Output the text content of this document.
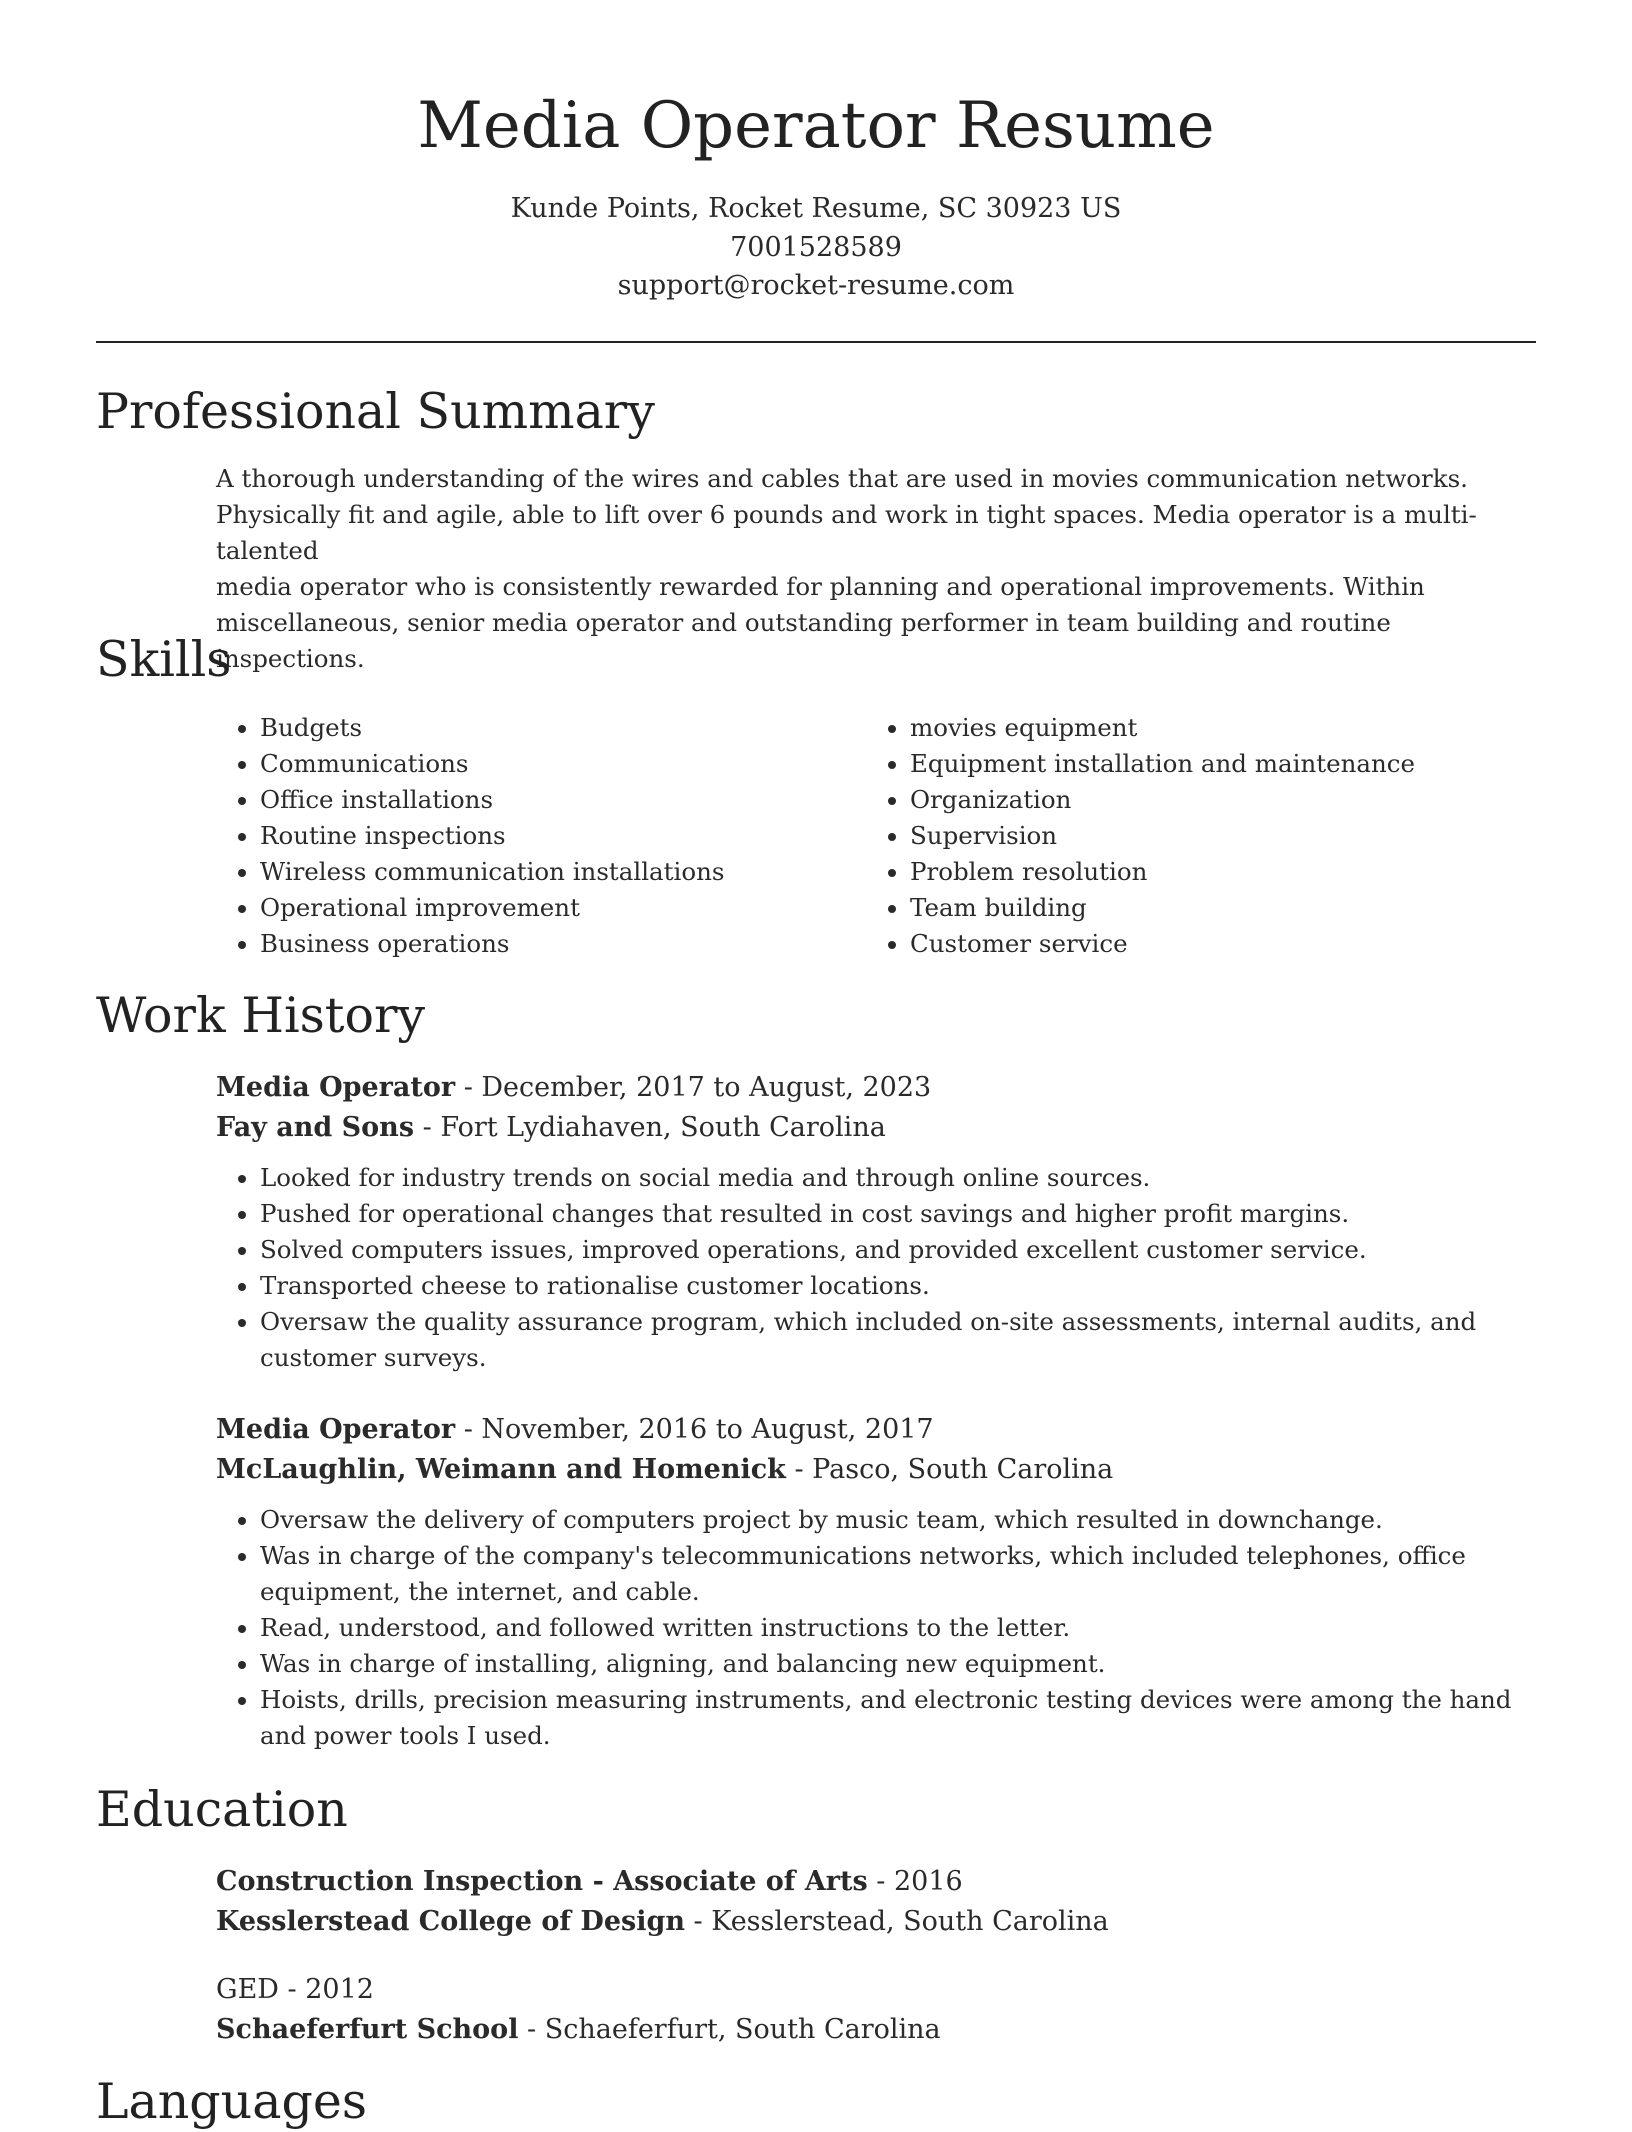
Media Operator Resume
Kunde Points, Rocket Resume, SC 30923 US
7001528589
support@rocket-resume.com
Professional Summary
A thorough understanding of the wires and cables that are used in movies communication networks.
Physically fit and agile, able to lift over 6 pounds and work in tight spaces. Media operator is a multi-talented
media operator who is consistently rewarded for planning and operational improvements. Within
miscellaneous, senior media operator and outstanding performer in team building and routine inspections.
Skills
• Budgets
• Communications
• Office installations
• Routine inspections
• Wireless communication installations
• Operational improvement
• Business operations
• movies equipment
• Equipment installation and maintenance
• Organization
• Supervision
• Problem resolution
• Team building
• Customer service
Work History
Media Operator - December, 2017 to August, 2023
Fay and Sons - Fort Lydiahaven, South Carolina
• Looked for industry trends on social media and through online sources.
• Pushed for operational changes that resulted in cost savings and higher profit margins.
• Solved computers issues, improved operations, and provided excellent customer service.
• Transported cheese to rationalise customer locations.
• Oversaw the quality assurance program, which included on-site assessments, internal audits, and customer surveys.
Media Operator - November, 2016 to August, 2017
McLaughlin, Weimann and Homenick - Pasco, South Carolina
• Oversaw the delivery of computers project by music team, which resulted in downchange.
• Was in charge of the company's telecommunications networks, which included telephones, office equipment, the internet, and cable.
• Read, understood, and followed written instructions to the letter.
• Was in charge of installing, aligning, and balancing new equipment.
• Hoists, drills, precision measuring instruments, and electronic testing devices were among the hand and power tools I used.
Education
Construction Inspection - Associate of Arts - 2016
Kesslerstead College of Design - Kesslerstead, South Carolina
GED - 2012
Schaeferfurt School - Schaeferfurt, South Carolina
Languages
